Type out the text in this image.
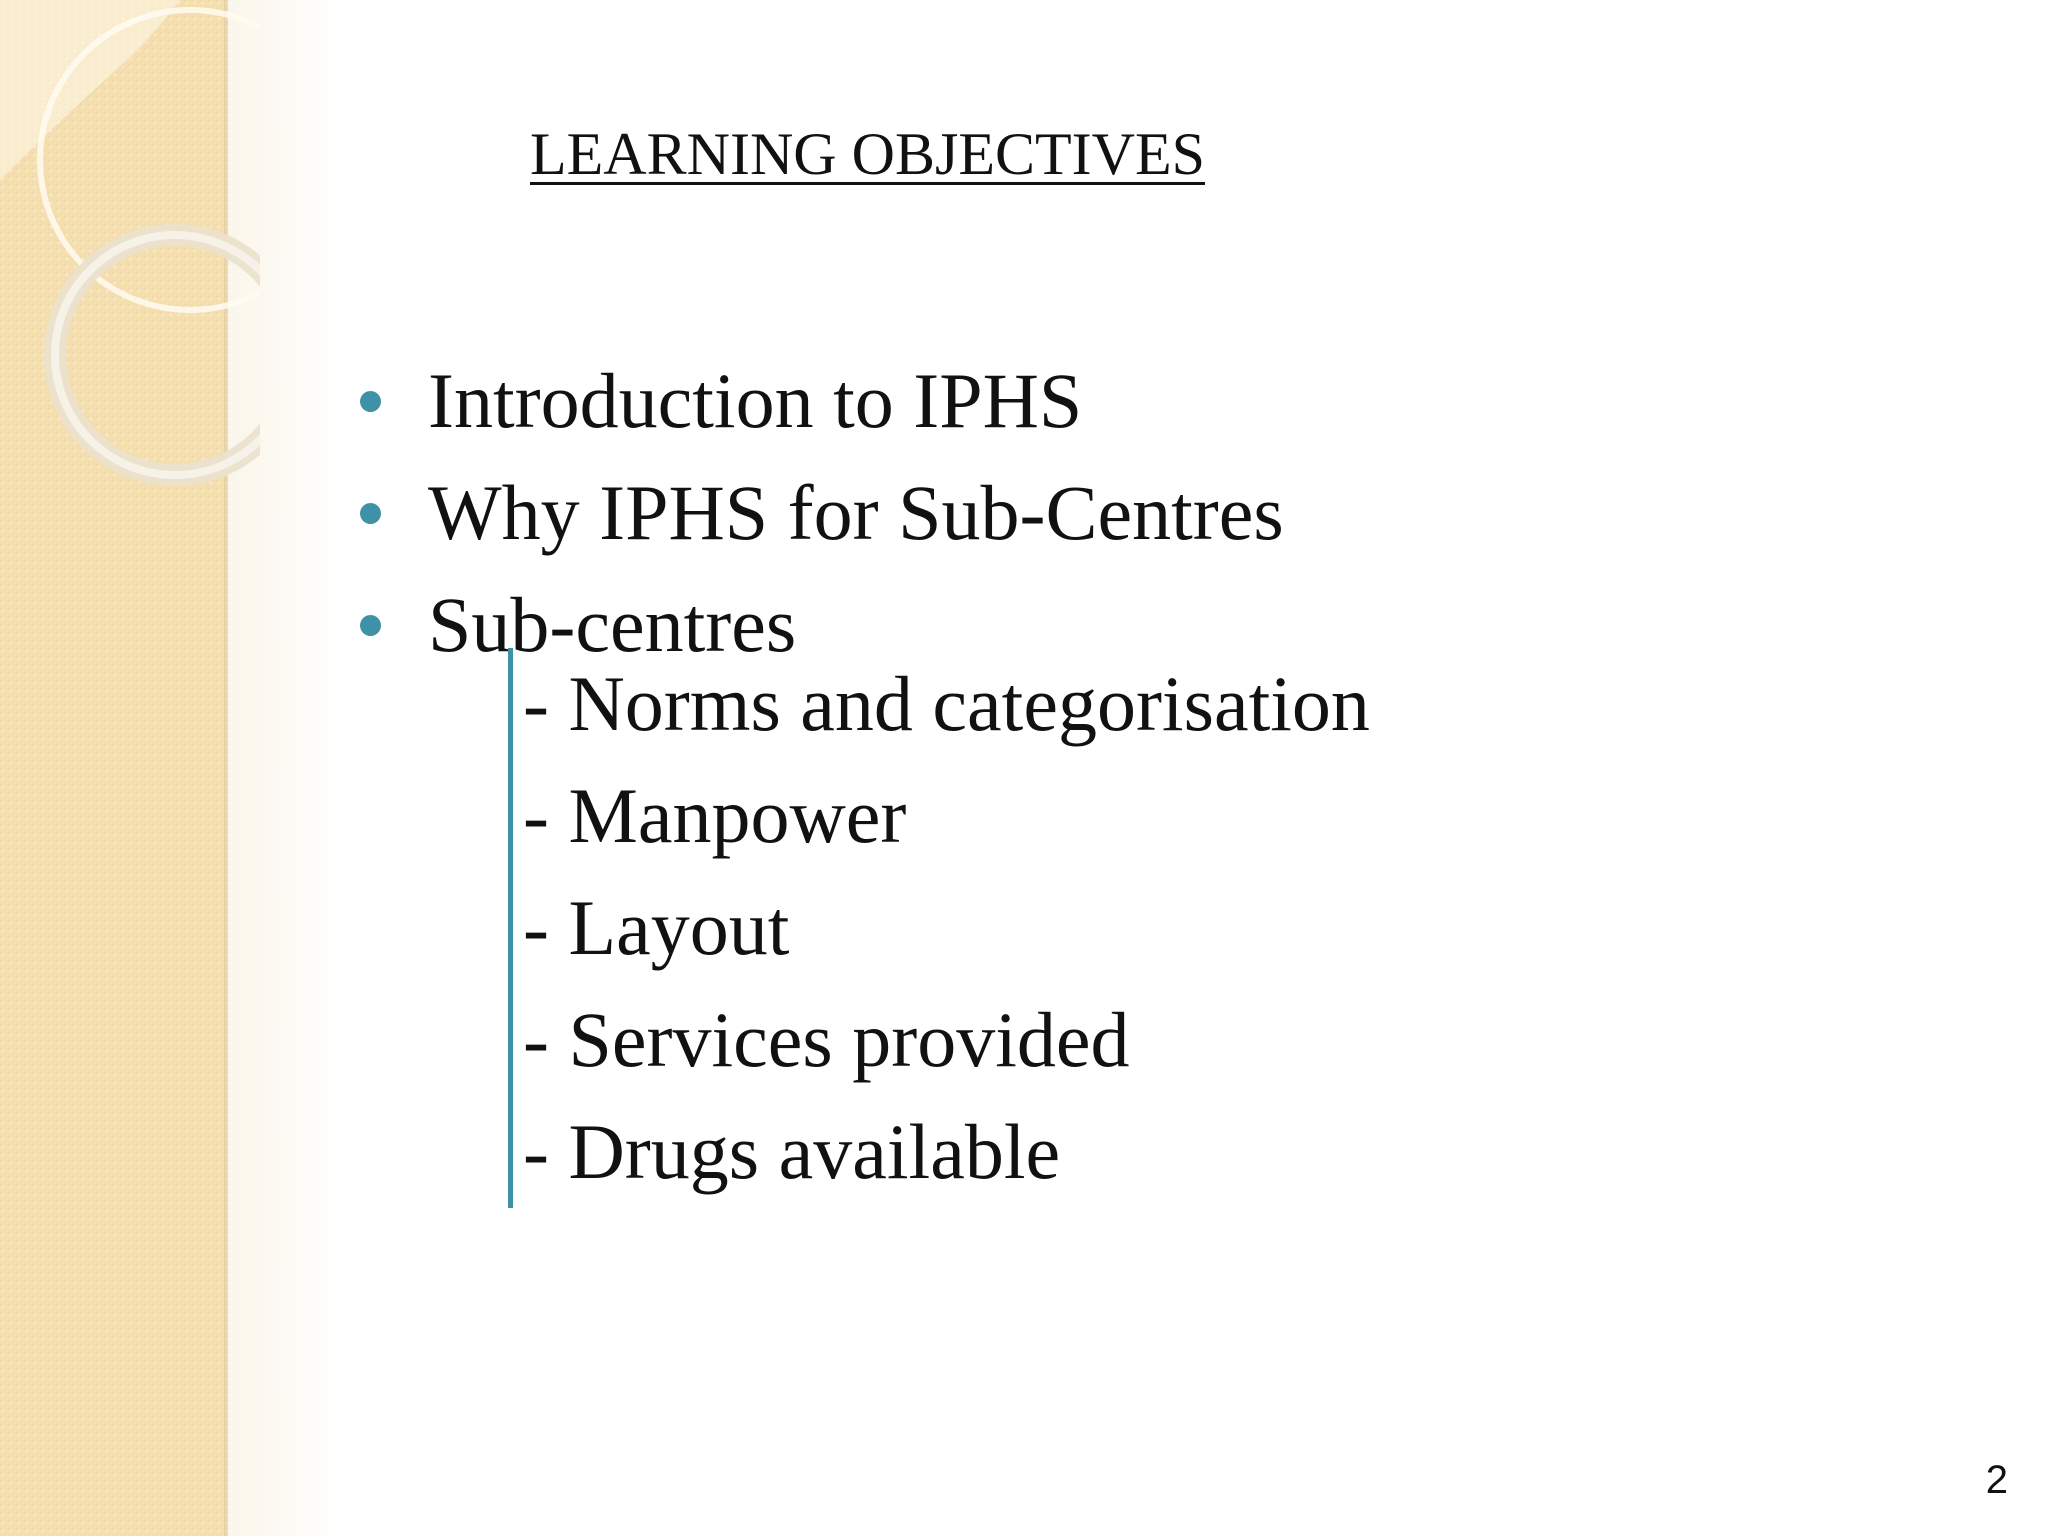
LEARNING OBJECTIVES
Introduction to IPHS
Why IPHS for Sub-Centres
Sub-centres
- Norms and categorisation
- Manpower
- Layout
- Services provided
- Drugs available
2
